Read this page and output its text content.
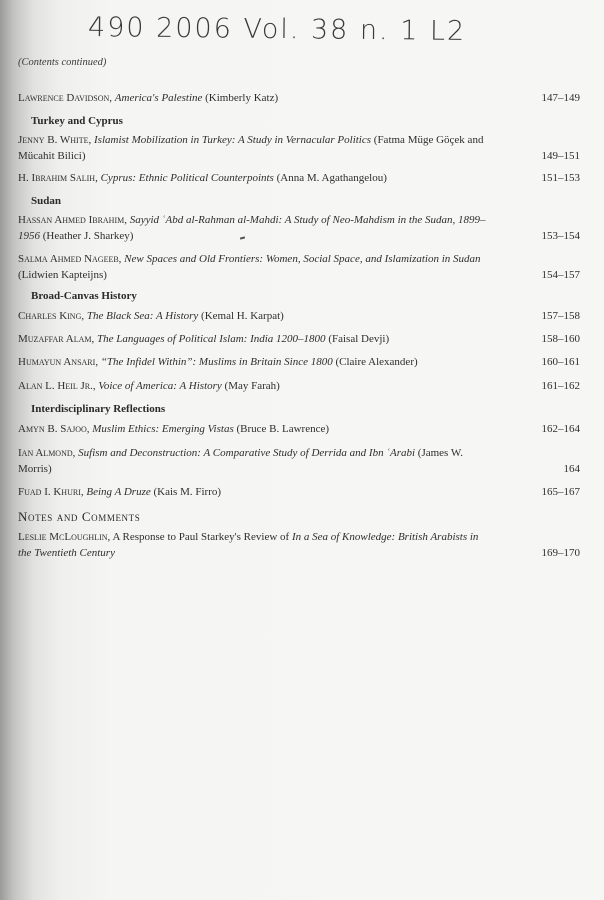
490 2006 Vol. 38 n. 1 L2
(Contents continued)
Lawrence Davidson, America's Palestine (Kimberly Katz)	147–149
Turkey and Cyprus
Jenny B. White, Islamist Mobilization in Turkey: A Study in Vernacular Politics (Fatma Müge Göçek and Mücahit Bilici)	149–151
H. Ibrahim Salih, Cyprus: Ethnic Political Counterpoints (Anna M. Agathangelou)	151–153
Sudan
Hassan Ahmed Ibrahim, Sayyid ʿAbd al-Rahman al-Mahdi: A Study of Neo-Mahdism in the Sudan, 1899–1956 (Heather J. Sharkey)	153–154
Salma Ahmed Nageeb, New Spaces and Old Frontiers: Women, Social Space, and Islamization in Sudan (Lidwien Kapteijns)	154–157
Broad-Canvas History
Charles King, The Black Sea: A History (Kemal H. Karpat)	157–158
Muzaffar Alam, The Languages of Political Islam: India 1200–1800 (Faisal Devji)	158–160
Humayun Ansari, “The Infidel Within”: Muslims in Britain Since 1800 (Claire Alexander)	160–161
Alan L. Heil Jr., Voice of America: A History (May Farah)	161–162
Interdisciplinary Reflections
Amyn B. Sajoo, Muslim Ethics: Emerging Vistas (Bruce B. Lawrence)	162–164
Ian Almond, Sufism and Deconstruction: A Comparative Study of Derrida and Ibn ʿArabi (James W. Morris)	164
Fuad I. Khuri, Being A Druze (Kais M. Firro)	165–167
Notes and Comments
Leslie McLoughlin, A Response to Paul Starkey's Review of In a Sea of Knowledge: British Arabists in the Twentieth Century	169–170
